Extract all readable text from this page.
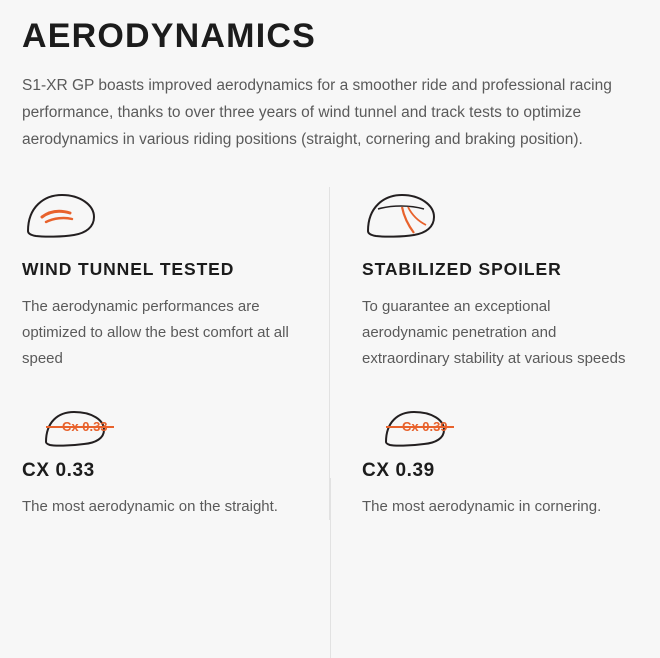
AERODYNAMICS

S1-XR GP boasts improved aerodynamics for a smoother ride and professional racing performance, thanks to over three years of wind tunnel and track tests to optimize aerodynamics in various riding positions (straight, cornering and braking position).

WIND TUNNEL TESTED

The aerodynamic performances are optimized to allow the best comfort at all speed

Cx 0.33
CX 0.33

The most aerodynamic on the straight.

STABILIZED SPOILER

To guarantee an exceptional aerodynamic penetration and extraordinary stability at various speeds

Cx 0.39
CX 0.39

The most aerodynamic in cornering.
